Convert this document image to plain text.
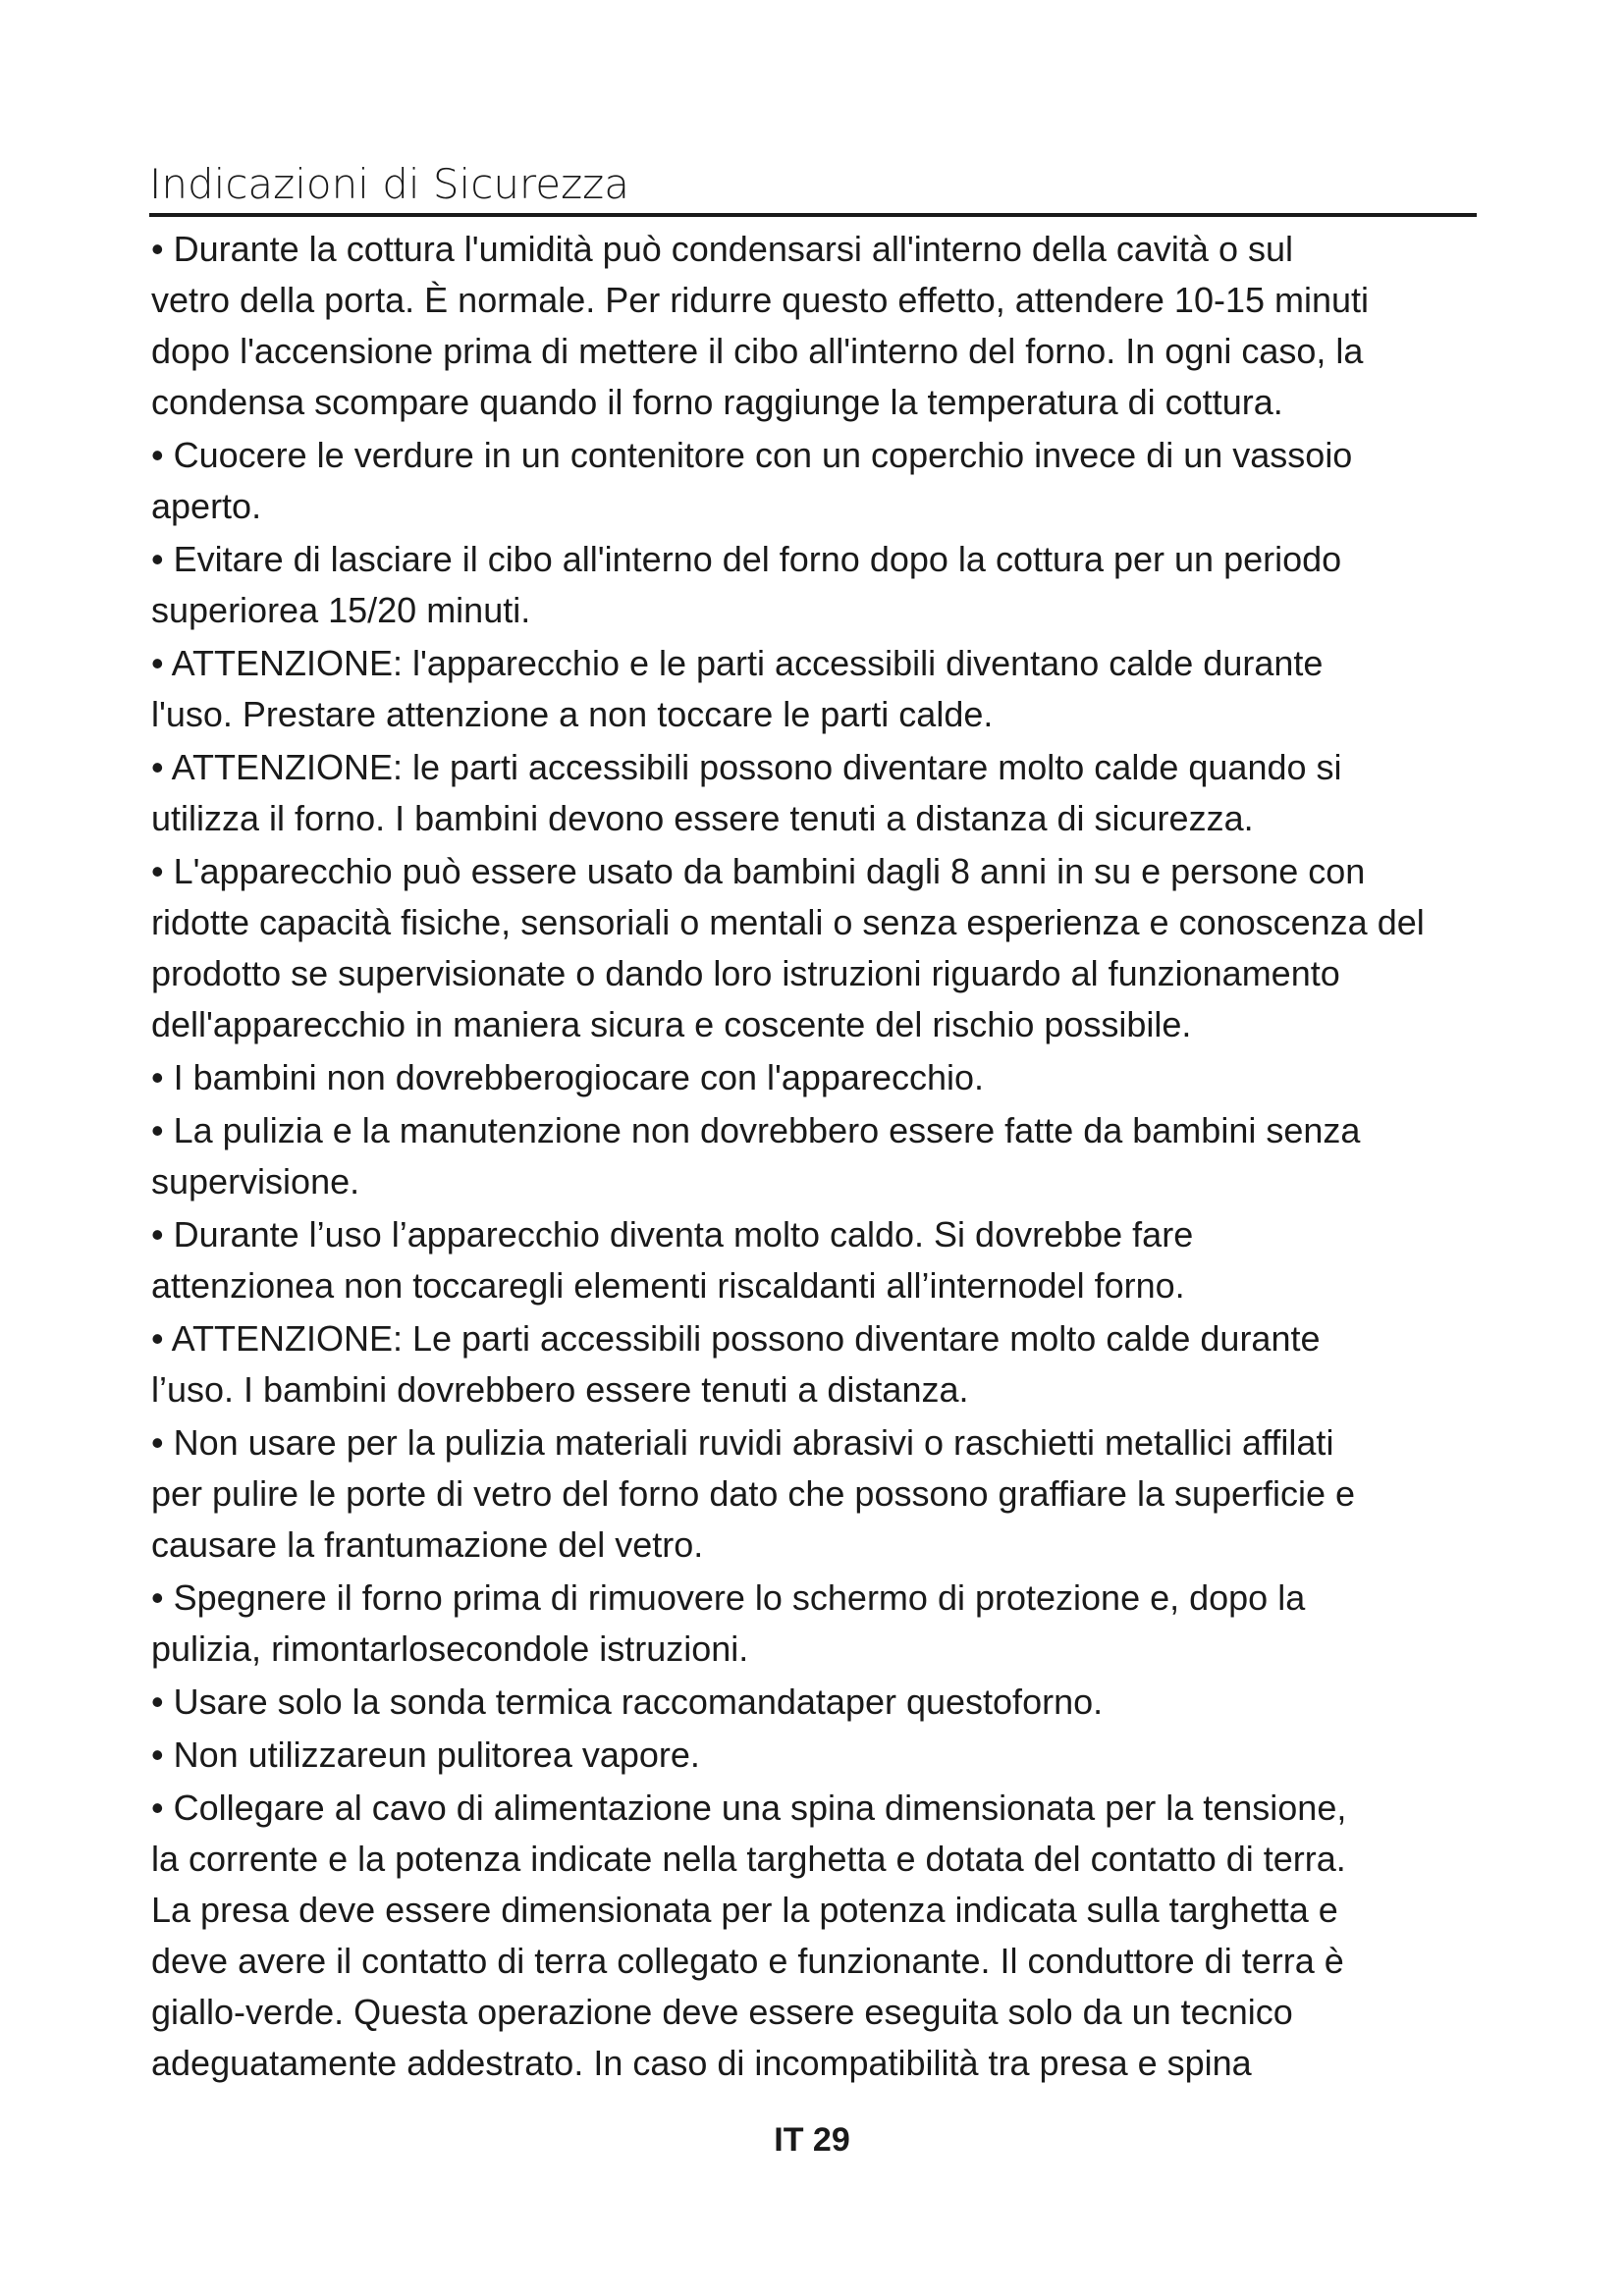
Indicazioni di Sicurezza

• Durante la cottura l'umidità può condensarsi all'interno della cavità o sul
vetro della porta. È normale. Per ridurre questo effetto, attendere 10-15 minuti
dopo l'accensione prima di mettere il cibo all'interno del forno. In ogni caso, la
condensa scompare quando il forno raggiunge la temperatura di cottura.

• Cuocere le verdure in un contenitore con un coperchio invece di un vassoio
aperto.

• Evitare di lasciare il cibo all'interno del forno dopo la cottura per un periodo
superiorea 15/20 minuti.

• ATTENZIONE: l'apparecchio e le parti accessibili diventano calde durante
l'uso. Prestare attenzione a non toccare le parti calde.

• ATTENZIONE: le parti accessibili possono diventare molto calde quando si
utilizza il forno. I bambini devono essere tenuti a distanza di sicurezza.

• L'apparecchio può essere usato da bambini dagli 8 anni in su e persone con
ridotte capacità fisiche, sensoriali o mentali o senza esperienza e conoscenza del
prodotto se supervisionate o dando loro istruzioni riguardo al funzionamento
dell'apparecchio in maniera sicura e coscente del rischio possibile.

• I bambini non dovrebberogiocare con l'apparecchio.

• La pulizia e la manutenzione non dovrebbero essere fatte da bambini senza
supervisione.

• Durante l’uso l’apparecchio diventa molto caldo. Si dovrebbe fare
attenzionea non toccaregli elementi riscaldanti all’internodel forno.

• ATTENZIONE: Le parti accessibili possono diventare molto calde durante
l’uso. I bambini dovrebbero essere tenuti a distanza.

• Non usare per la pulizia materiali ruvidi abrasivi o raschietti metallici affilati
per pulire le porte di vetro del forno dato che possono graffiare la superficie e
causare la frantumazione del vetro.

• Spegnere il forno prima di rimuovere lo schermo di protezione e, dopo la
pulizia, rimontarlosecondole istruzioni.

• Usare solo la sonda termica raccomandataper questoforno.

• Non utilizzareun pulitorea vapore.

• Collegare al cavo di alimentazione una spina dimensionata per la tensione,
la corrente e la potenza indicate nella targhetta e dotata del contatto di terra.
La presa deve essere dimensionata per la potenza indicata sulla targhetta e
deve avere il contatto di terra collegato e funzionante. Il conduttore di terra è
giallo-verde. Questa operazione deve essere eseguita solo da un tecnico
adeguatamente addestrato. In caso di incompatibilità tra presa e spina

IT 29
